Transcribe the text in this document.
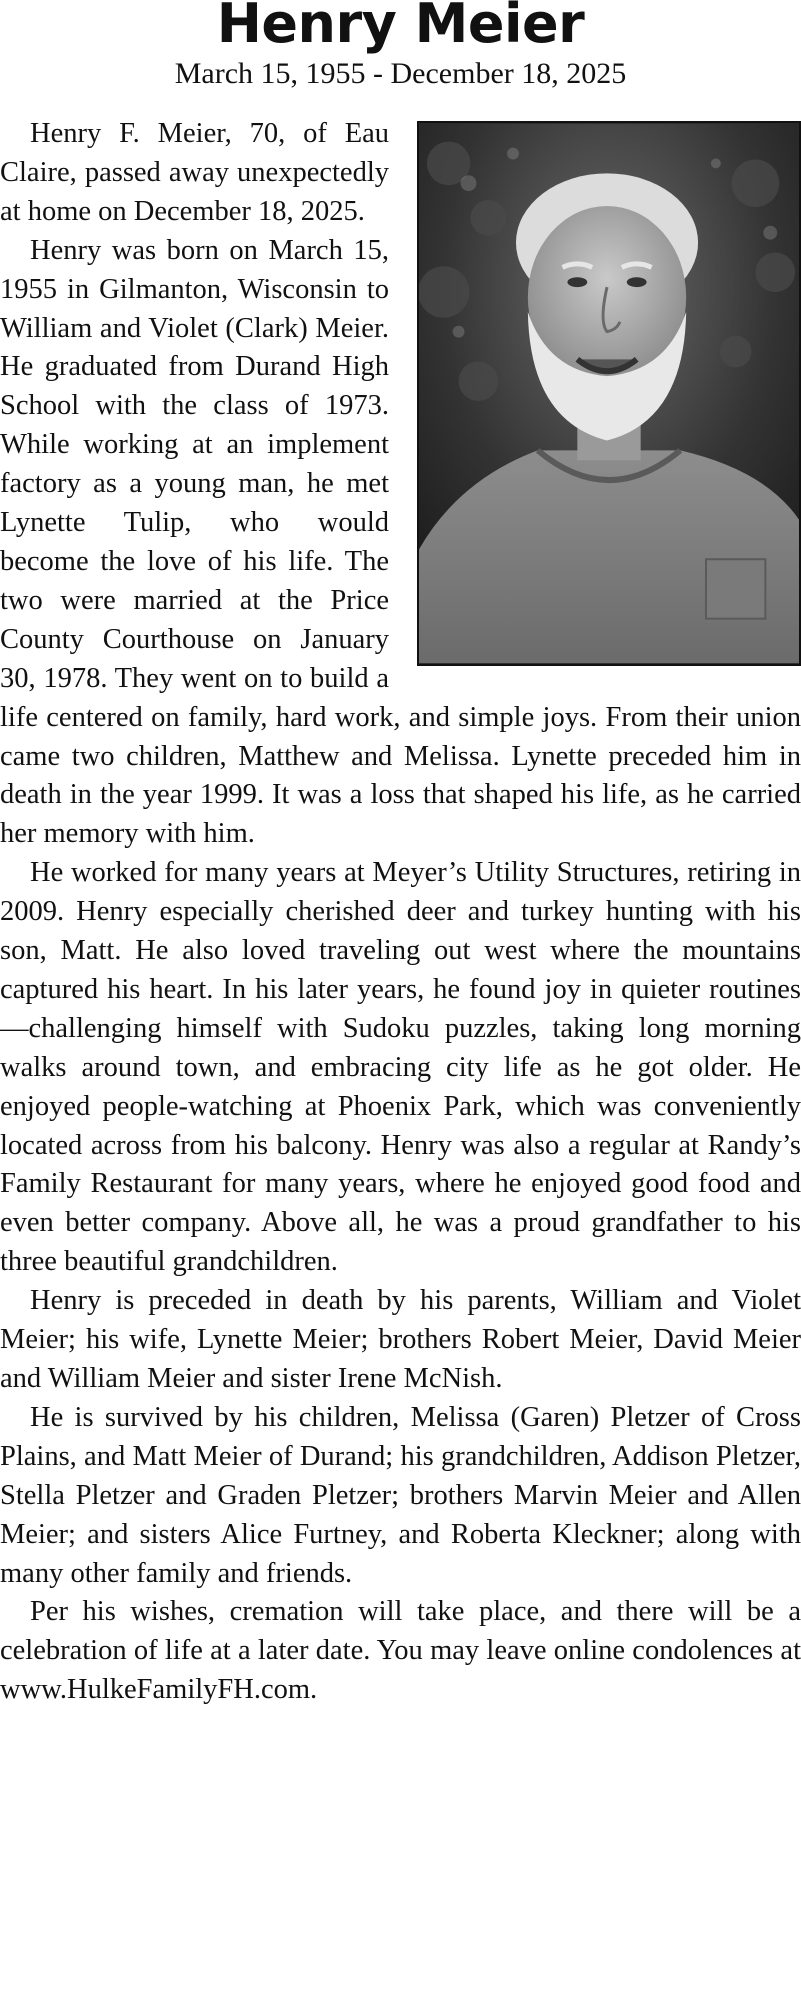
Henry Meier
March 15, 1955 - December 18, 2025

Henry F. Meier, 70, of Eau Claire, passed away unexpectedly at home on December 18, 2025.

Henry was born on March 15, 1955 in Gilmanton, Wisconsin to William and Violet (Clark) Meier. He graduated from Durand High School with the class of 1973. While working at an implement factory as a young man, he met Lynette Tulip, who would become the love of his life. The two were married at the Price County Courthouse on January 30, 1978. They went on to build a life centered on family, hard work, and simple joys. From their union came two children, Matthew and Melissa. Lynette preceded him in death in the year 1999. It was a loss that shaped his life, as he carried her memory with him.

He worked for many years at Meyer’s Utility Structures, retiring in 2009. Henry especially cherished deer and turkey hunting with his son, Matt. He also loved traveling out west where the mountains captured his heart. In his later years, he found joy in quieter routines—challenging himself with Sudoku puzzles, taking long morning walks around town, and embracing city life as he got older. He enjoyed people-watching at Phoenix Park, which was conveniently located across from his balcony. Henry was also a regular at Randy’s Family Restaurant for many years, where he enjoyed good food and even better company. Above all, he was a proud grandfather to his three beautiful grandchildren.

Henry is preceded in death by his parents, William and Violet Meier; his wife, Lynette Meier; brothers Robert Meier, David Meier and William Meier and sister Irene McNish.

He is survived by his children, Melissa (Garen) Pletzer of Cross Plains, and Matt Meier of Durand; his grandchildren, Addison Pletzer, Stella Pletzer and Graden Pletzer; brothers Marvin Meier and Allen Meier; and sisters Alice Furtney, and Roberta Kleckner; along with many other family and friends.

Per his wishes, cremation will take place, and there will be a celebration of life at a later date. You may leave online condolences at www.HulkeFamilyFH.com.
